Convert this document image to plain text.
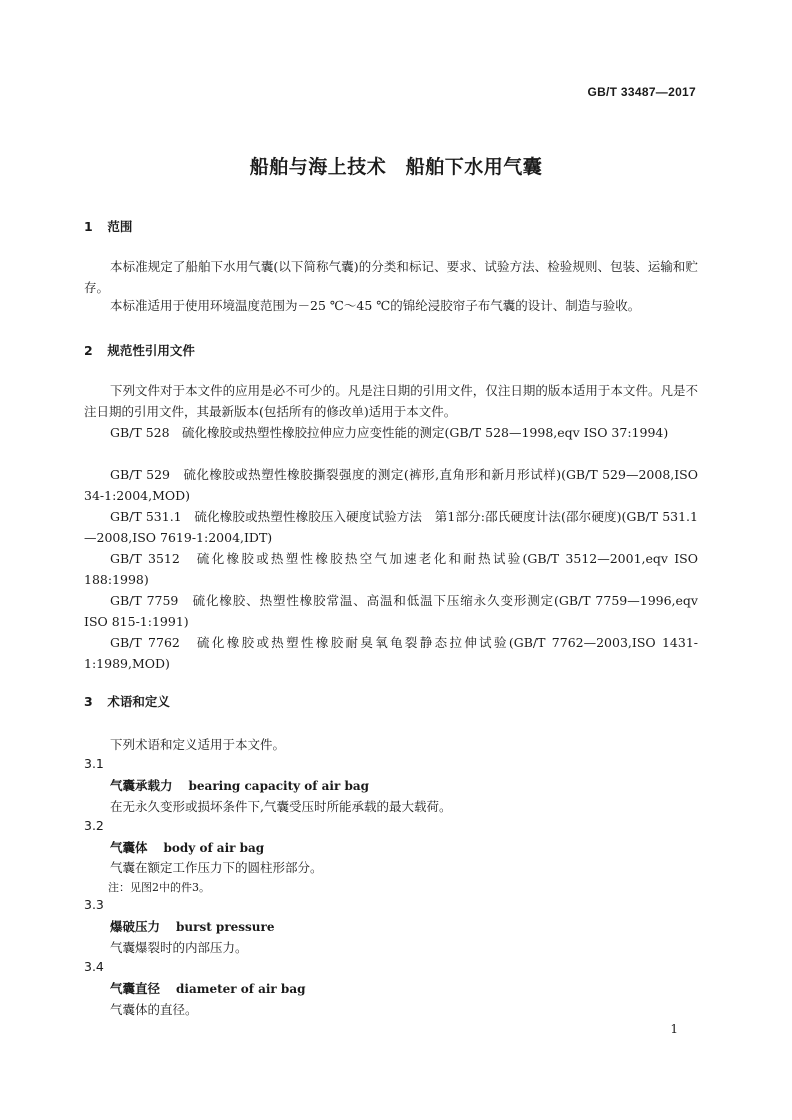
GB/T 33487—2017
船舶与海上技术　船舶下水用气囊
1 范围
本标准规定了船舶下水用气囊(以下简称气囊)的分类和标记、要求、试验方法、检验规则、包装、运输和贮存。
本标准适用于使用环境温度范围为－25 ℃～45 ℃的锦纶浸胶帘子布气囊的设计、制造与验收。
2 规范性引用文件
下列文件对于本文件的应用是必不可少的。凡是注日期的引用文件，仅注日期的版本适用于本文件。凡是不注日期的引用文件，其最新版本(包括所有的修改单)适用于本文件。
GB/T 528　硫化橡胶或热塑性橡胶拉伸应力应变性能的测定(GB/T 528—1998,eqv ISO 37:1994)
GB/T 529　硫化橡胶或热塑性橡胶撕裂强度的测定(裤形,直角形和新月形试样)(GB/T 529—2008,ISO 34-1:2004,MOD)
GB/T 531.1　硫化橡胶或热塑性橡胶压入硬度试验方法　第1部分:邵氏硬度计法(邵尔硬度)(GB/T 531.1—2008,ISO 7619-1:2004,IDT)
GB/T 3512　硫化橡胶或热塑性橡胶热空气加速老化和耐热试验(GB/T 3512—2001,eqv ISO 188:1998)
GB/T 7759　硫化橡胶、热塑性橡胶常温、高温和低温下压缩永久变形测定(GB/T 7759—1996,eqv ISO 815-1:1991)
GB/T 7762　硫化橡胶或热塑性橡胶耐臭氧龟裂静态拉伸试验(GB/T 7762—2003,ISO 1431-1:1989,MOD)
3 术语和定义
下列术语和定义适用于本文件。
3.1
气囊承载力 bearing capacity of air bag
在无永久变形或损坏条件下,气囊受压时所能承载的最大载荷。
3.2
气囊体 body of air bag
气囊在额定工作压力下的圆柱形部分。
注：见图2中的件3。
3.3
爆破压力 burst pressure
气囊爆裂时的内部压力。
3.4
气囊直径 diameter of air bag
气囊体的直径。
1
